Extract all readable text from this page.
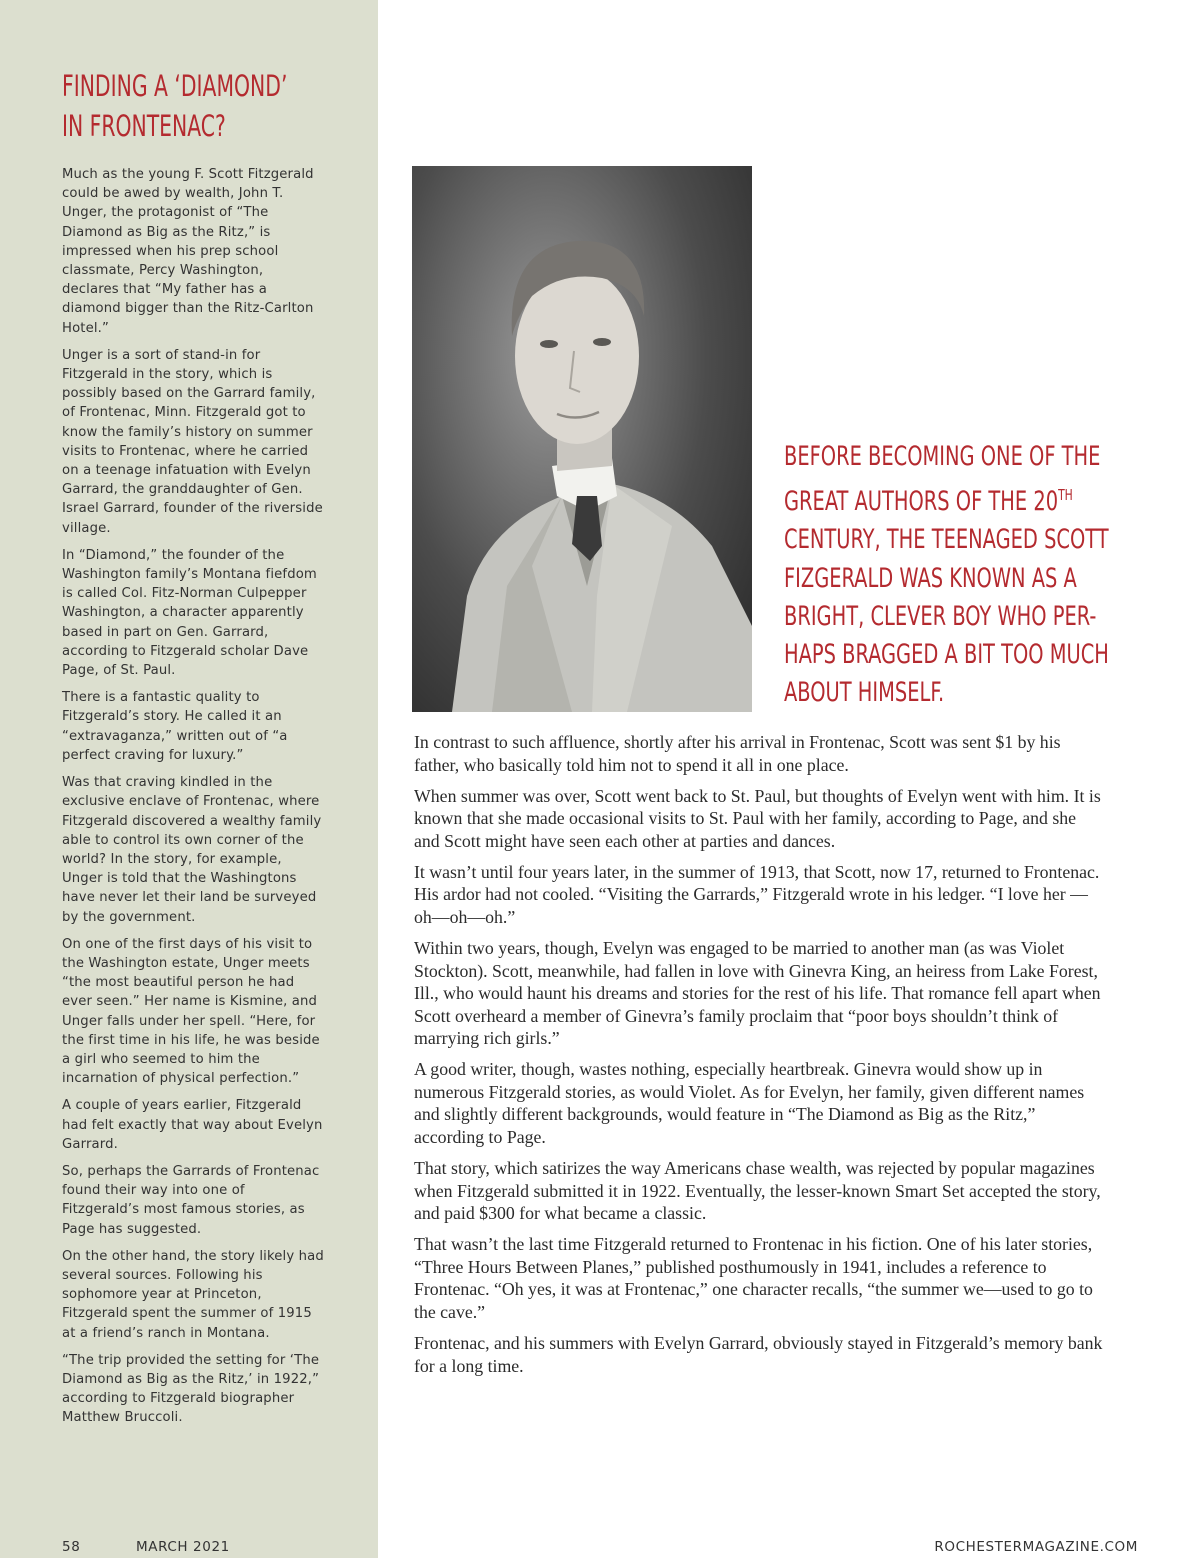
FINDING A ‘DIAMOND’ IN FRONTENAC?

Much as the young F. Scott Fitzgerald could be awed by wealth, John T. Unger, the protagonist of “The Diamond as Big as the Ritz,” is impressed when his prep school classmate, Percy Washington, declares that “My father has a diamond bigger than the Ritz-Carlton Hotel.”

Unger is a sort of stand-in for Fitzgerald in the story, which is possibly based on the Garrard family, of Frontenac, Minn. Fitzgerald got to know the family’s history on summer visits to Frontenac, where he carried on a teenage infatuation with Evelyn Garrard, the granddaughter of Gen. Israel Garrard, founder of the riverside village.

In “Diamond,” the founder of the Washington family’s Montana fiefdom is called Col. Fitz-Norman Culpepper Washington, a character apparently based in part on Gen. Garrard, according to Fitzgerald scholar Dave Page, of St. Paul.

There is a fantastic quality to Fitzgerald’s story. He called it an “extravaganza,” written out of “a perfect craving for luxury.”

Was that craving kindled in the exclusive enclave of Frontenac, where Fitzgerald discovered a wealthy family able to control its own corner of the world? In the story, for example, Unger is told that the Washingtons have never let their land be surveyed by the government.

On one of the first days of his visit to the Washington estate, Unger meets “the most beautiful person he had ever seen.” Her name is Kismine, and Unger falls under her spell. “Here, for the first time in his life, he was beside a girl who seemed to him the incarnation of physical perfection.”

A couple of years earlier, Fitzgerald had felt exactly that way about Evelyn Garrard.

So, perhaps the Garrards of Frontenac found their way into one of Fitzgerald’s most famous stories, as Page has suggested.

On the other hand, the story likely had several sources. Following his sophomore year at Princeton, Fitzgerald spent the summer of 1915 at a friend’s ranch in Montana.

“The trip provided the setting for ‘The Diamond as Big as the Ritz,’ in 1922,” according to Fitzgerald biographer Matthew Bruccoli.

BEFORE BECOMING ONE OF THE GREAT AUTHORS OF THE 20TH CENTURY, THE TEENAGED SCOTT FIZGERALD WAS KNOWN AS A BRIGHT, CLEVER BOY WHO PER-HAPS BRAGGED A BIT TOO MUCH ABOUT HIMSELF.

In contrast to such affluence, shortly after his arrival in Frontenac, Scott was sent $1 by his father, who basically told him not to spend it all in one place.

When summer was over, Scott went back to St. Paul, but thoughts of Evelyn went with him. It is known that she made occasional visits to St. Paul with her family, according to Page, and she and Scott might have seen each other at parties and dances.

It wasn’t until four years later, in the summer of 1913, that Scott, now 17, returned to Frontenac. His ardor had not cooled. “Visiting the Garrards,” Fitzgerald wrote in his ledger. “I love her — oh—oh—oh.”

Within two years, though, Evelyn was engaged to be married to another man (as was Violet Stockton). Scott, meanwhile, had fallen in love with Ginevra King, an heiress from Lake Forest, Ill., who would haunt his dreams and stories for the rest of his life. That romance fell apart when Scott overheard a member of Ginevra’s family proclaim that “poor boys shouldn’t think of marrying rich girls.”

A good writer, though, wastes nothing, especially heartbreak. Ginevra would show up in numerous Fitzgerald stories, as would Violet. As for Evelyn, her family, given different names and slightly different backgrounds, would feature in “The Diamond as Big as the Ritz,” according to Page.

That story, which satirizes the way Americans chase wealth, was rejected by popular magazines when Fitzgerald submitted it in 1922. Eventually, the lesser-known Smart Set accepted the story, and paid $300 for what became a classic.

That wasn’t the last time Fitzgerald returned to Frontenac in his fiction. One of his later stories, “Three Hours Between Planes,” published posthumously in 1941, includes a reference to Frontenac. “Oh yes, it was at Frontenac,” one character recalls, “the summer we—used to go to the cave.”

Frontenac, and his summers with Evelyn Garrard, obviously stayed in Fitzgerald’s memory bank for a long time.

58	MARCH 2021	ROCHESTERMAGAZINE.COM
